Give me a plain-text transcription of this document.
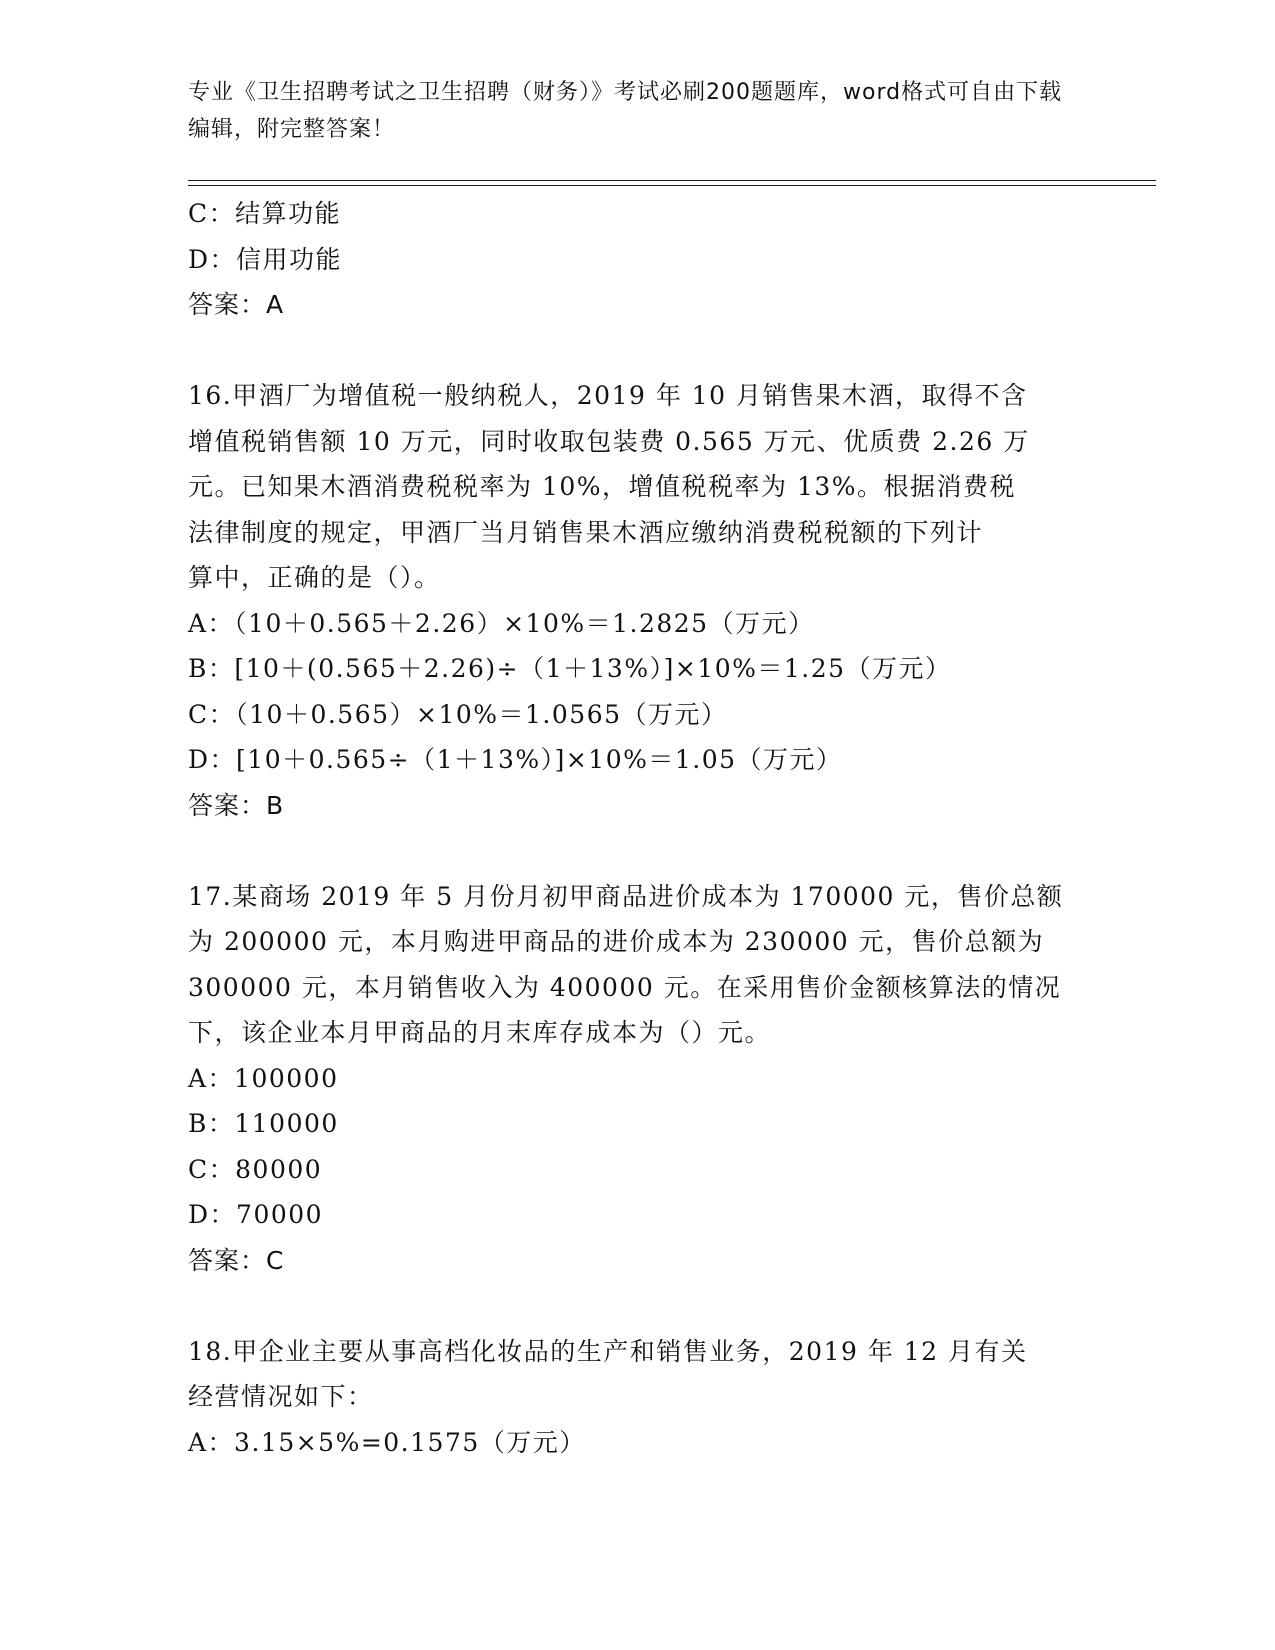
专业《卫生招聘考试之卫生招聘（财务）》考试必刷200题题库，word格式可自由下载编辑，附完整答案！
C：结算功能
D：信用功能
答案：A
16.甲酒厂为增值税一般纳税人，2019 年 10 月销售果木酒，取得不含
增值税销售额 10 万元，同时收取包装费 0.565 万元、优质费 2.26 万
元。已知果木酒消费税税率为 10%，增值税税率为 13%。根据消费税
法律制度的规定，甲酒厂当月销售果木酒应缴纳消费税税额的下列计
算中，正确的是（）。
A：（10＋0.565＋2.26）×10%＝1.2825（万元）
B：[10＋(0.565＋2.26)÷（1＋13%）]×10%＝1.25（万元）
C：（10＋0.565）×10%＝1.0565（万元）
D：[10＋0.565÷（1＋13%）]×10%＝1.05（万元）
答案：B
17.某商场 2019 年 5 月份月初甲商品进价成本为 170000 元，售价总额
为 200000 元，本月购进甲商品的进价成本为 230000 元，售价总额为
300000 元，本月销售收入为 400000 元。在采用售价金额核算法的情况
下，该企业本月甲商品的月末库存成本为（）元。
A：100000
B：110000
C：80000
D：70000
答案：C
18.甲企业主要从事高档化妆品的生产和销售业务，2019 年 12 月有关
经营情况如下：
A：3.15×5%=0.1575（万元）
